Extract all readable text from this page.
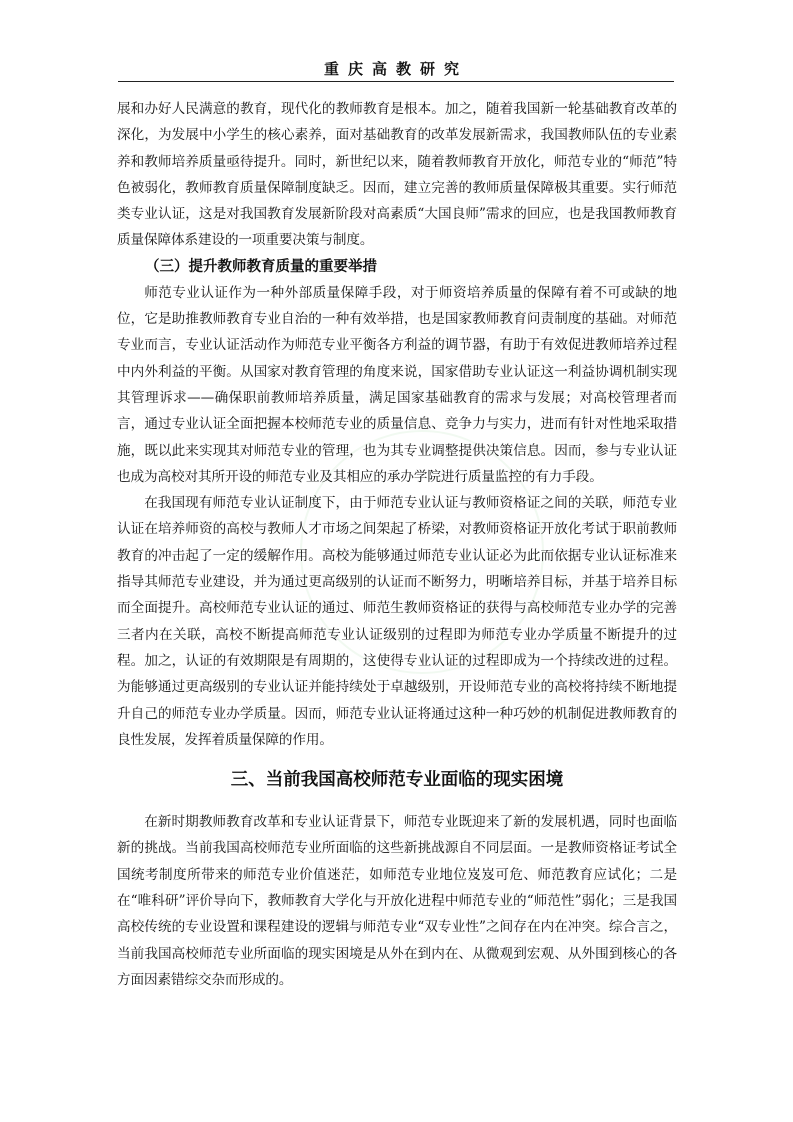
重庆高教研究

展和办好人民满意的教育，现代化的教师教育是根本。加之，随着我国新一轮基础教育改革的深化，为发展中小学生的核心素养，面对基础教育的改革发展新需求，我国教师队伍的专业素养和教师培养质量亟待提升。同时，新世纪以来，随着教师教育开放化，师范专业的“师范”特色被弱化，教师教育质量保障制度缺乏。因而，建立完善的教师质量保障极其重要。实行师范类专业认证，这是对我国教育发展新阶段对高素质“大国良师”需求的回应，也是我国教师教育质量保障体系建设的一项重要决策与制度。

（三）提升教师教育质量的重要举措

师范专业认证作为一种外部质量保障手段，对于师资培养质量的保障有着不可或缺的地位，它是助推教师教育专业自治的一种有效举措，也是国家教师教育问责制度的基础。对师范专业而言，专业认证活动作为师范专业平衡各方利益的调节器，有助于有效促进教师培养过程中内外利益的平衡。从国家对教育管理的角度来说，国家借助专业认证这一利益协调机制实现其管理诉求——确保职前教师培养质量，满足国家基础教育的需求与发展；对高校管理者而言，通过专业认证全面把握本校师范专业的质量信息、竞争力与实力，进而有针对性地采取措施，既以此来实现其对师范专业的管理，也为其专业调整提供决策信息。因而，参与专业认证也成为高校对其所开设的师范专业及其相应的承办学院进行质量监控的有力手段。

在我国现有师范专业认证制度下，由于师范专业认证与教师资格证之间的关联，师范专业认证在培养师资的高校与教师人才市场之间架起了桥梁，对教师资格证开放化考试于职前教师教育的冲击起了一定的缓解作用。高校为能够通过师范专业认证必为此而依据专业认证标准来指导其师范专业建设，并为通过更高级别的认证而不断努力，明晰培养目标，并基于培养目标而全面提升。高校师范专业认证的通过、师范生教师资格证的获得与高校师范专业办学的完善三者内在关联，高校不断提高师范专业认证级别的过程即为师范专业办学质量不断提升的过程。加之，认证的有效期限是有周期的，这使得专业认证的过程即成为一个持续改进的过程。为能够通过更高级别的专业认证并能持续处于卓越级别，开设师范专业的高校将持续不断地提升自己的师范专业办学质量。因而，师范专业认证将通过这种一种巧妙的机制促进教师教育的良性发展，发挥着质量保障的作用。

三、当前我国高校师范专业面临的现实困境

在新时期教师教育改革和专业认证背景下，师范专业既迎来了新的发展机遇，同时也面临新的挑战。当前我国高校师范专业所面临的这些新挑战源自不同层面。一是教师资格证考试全国统考制度所带来的师范专业价值迷茫，如师范专业地位岌岌可危、师范教育应试化；二是在“唯科研”评价导向下，教师教育大学化与开放化进程中师范专业的“师范性”弱化；三是我国高校传统的专业设置和课程建设的逻辑与师范专业“双专业性”之间存在内在冲突。综合言之，当前我国高校师范专业所面临的现实困境是从外在到内在、从微观到宏观、从外围到核心的各方面因素错综交杂而形成的。
